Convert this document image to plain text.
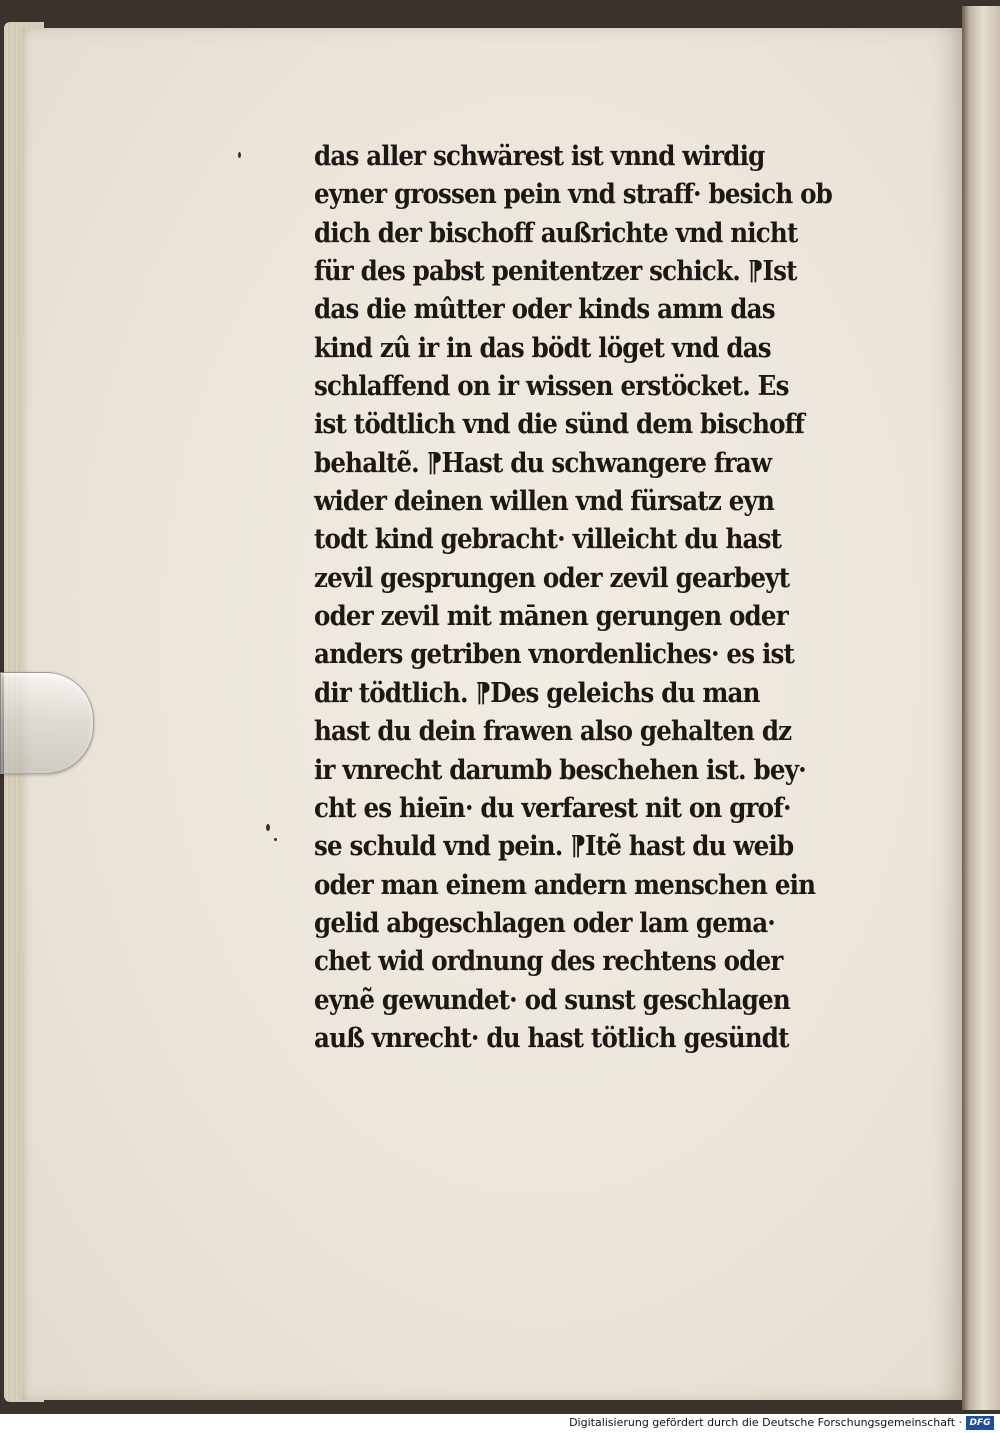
das aller schwärest ist vnnd wirdig
eyner grossen pein vnd straff· besich ob
dich der bischoff außrichte vnd nicht
für des pabst penitentzer schick. ⁋Ist
das die mûtter oder kinds amm das
kind zû ir in das bödt löget vnd das
schlaffend on ir wissen erstöcket. Es
ist tödtlich vnd die sünd dem bischoff
behaltẽ. ⁋Hast du schwangere fraw
wider deinen willen vnd fürsatz eyn
todt kind gebracht· villeicht du hast
zevil gesprungen oder zevil gearbeyt
oder zevil mit mānen gerungen oder
anders getriben vnordenliches· es ist
dir tödtlich. ⁋Des geleichs du man
hast du dein frawen also gehalten dz
ir vnrecht darumb beschehen ist. bey·
cht es hieīn· du verfarest nit on grof·
se schuld vnd pein. ⁋Itẽ hast du weib
oder man einem andern menschen ein
gelid abgeschlagen oder lam gema·
chet wid ordnung des rechtens oder
eynẽ gewundet· od sunst geschlagen
auß vnrecht· du hast tötlich gesündt
Digitalisierung gefördert durch die Deutsche Forschungsgemeinschaft · DFG
